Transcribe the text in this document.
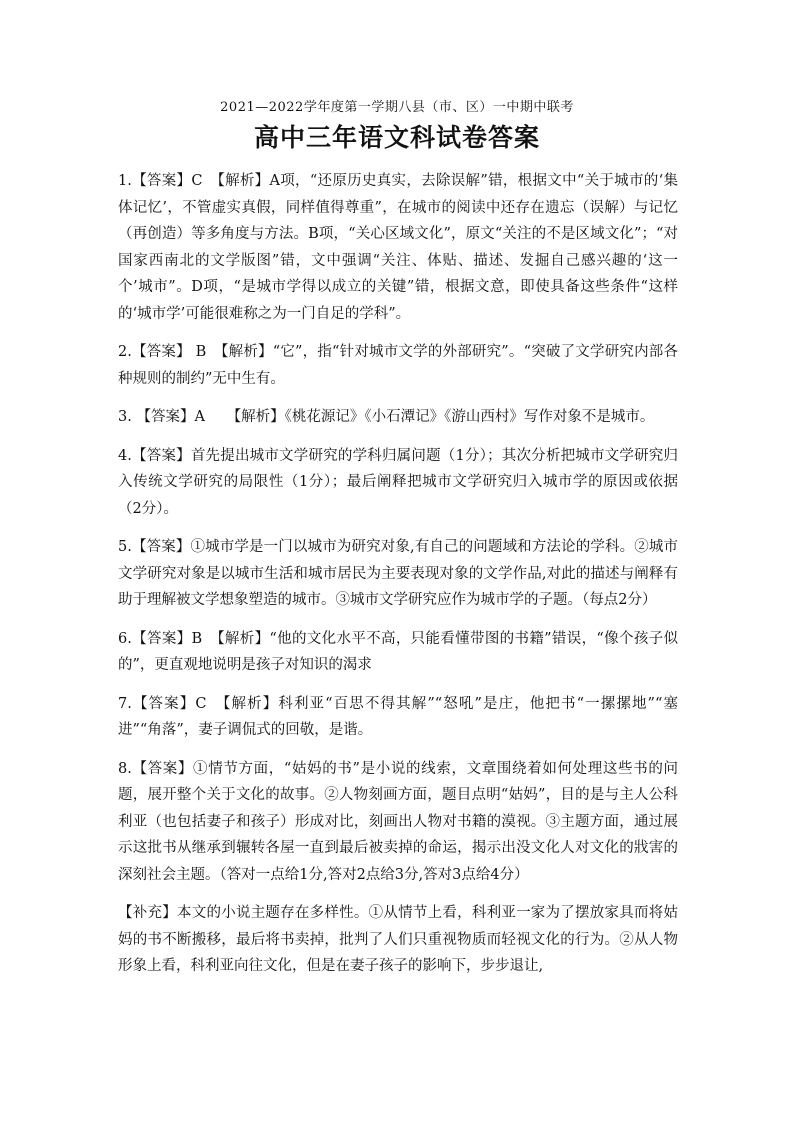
2021—2022学年度第一学期八县（市、区）一中期中联考
高中三年语文科试卷答案

1.【答案】C　【解析】A项，“还原历史真实，去除误解”错，根据文中“关于城市的‘集体记忆’，不管虚实真假，同样值得尊重”，在城市的阅读中还存在遗忘（误解）与记忆（再创造）等多角度与方法。B项，“关心区域文化”，原文“关注的不是区域文化”；“对国家西南北的文学版图”错，文中强调“关注、体贴、描述、发掘自己感兴趣的‘这一个’城市”。D项，“是城市学得以成立的关键”错，根据文意，即使具备这些条件“这样的‘城市学’可能很难称之为一门自足的学科”。

2.【答案】 B　【解析】“它”，指“针对城市文学的外部研究”。“突破了文学研究内部各种规则的制约”无中生有。

3. 【答案】A　　【解析】《桃花源记》《小石潭记》《游山西村》写作对象不是城市。

4.【答案】首先提出城市文学研究的学科归属问题（1分）；其次分析把城市文学研究归入传统文学研究的局限性（1分）；最后阐释把城市文学研究归入城市学的原因或依据（2分）。

5.【答案】①城市学是一门以城市为研究对象,有自己的问题域和方法论的学科。②城市文学研究对象是以城市生活和城市居民为主要表现对象的文学作品,对此的描述与阐释有助于理解被文学想象塑造的城市。③城市文学研究应作为城市学的子题。（每点2分）

6.【答案】B　【解析】“他的文化水平不高，只能看懂带图的书籍”错误，“像个孩子似的”，更直观地说明是孩子对知识的渴求

7.【答案】C　【解析】科利亚“百思不得其解”“怒吼”是庄，他把书“一摞摞地”“塞进”“角落”，妻子调侃式的回敬，是谐。

8.【答案】①情节方面，“姑妈的书”是小说的线索，文章围绕着如何处理这些书的问题，展开整个关于文化的故事。②人物刻画方面，题目点明“姑妈”，目的是与主人公科利亚（也包括妻子和孩子）形成对比，刻画出人物对书籍的漠视。③主题方面，通过展示这批书从继承到辗转各屋一直到最后被卖掉的命运，揭示出没文化人对文化的戕害的深刻社会主题。（答对一点给1分,答对2点给3分,答对3点给4分）

【补充】本文的小说主题存在多样性。①从情节上看，科利亚一家为了摆放家具而将姑妈的书不断搬移，最后将书卖掉，批判了人们只重视物质而轻视文化的行为。②从人物形象上看，科利亚向往文化，但是在妻子孩子的影响下，步步退让,
